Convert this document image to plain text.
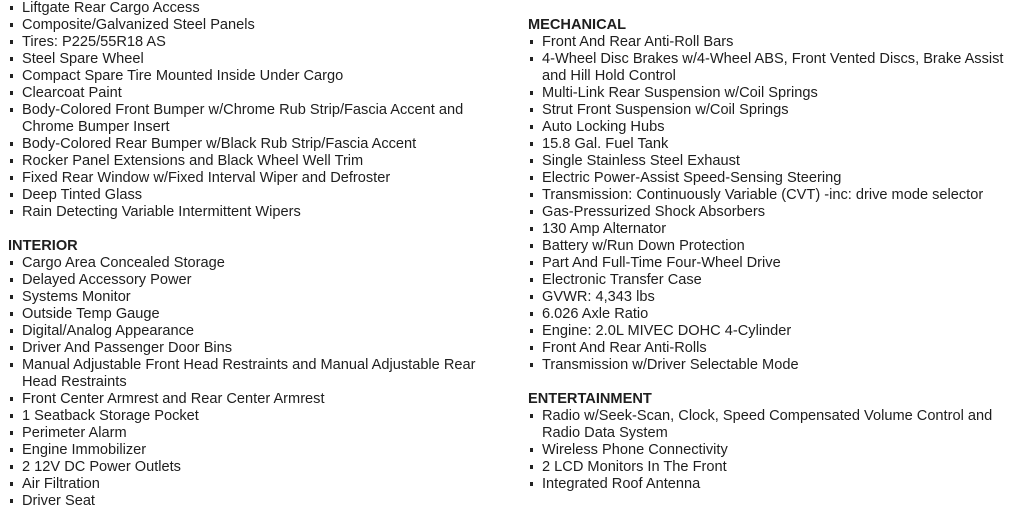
Liftgate Rear Cargo Access
Composite/Galvanized Steel Panels
Tires: P225/55R18 AS
Steel Spare Wheel
Compact Spare Tire Mounted Inside Under Cargo
Clearcoat Paint
Body-Colored Front Bumper w/Chrome Rub Strip/Fascia Accent and Chrome Bumper Insert
Body-Colored Rear Bumper w/Black Rub Strip/Fascia Accent
Rocker Panel Extensions and Black Wheel Well Trim
Fixed Rear Window w/Fixed Interval Wiper and Defroster
Deep Tinted Glass
Rain Detecting Variable Intermittent Wipers
INTERIOR
Cargo Area Concealed Storage
Delayed Accessory Power
Systems Monitor
Outside Temp Gauge
Digital/Analog Appearance
Driver And Passenger Door Bins
Manual Adjustable Front Head Restraints and Manual Adjustable Rear Head Restraints
Front Center Armrest and Rear Center Armrest
1 Seatback Storage Pocket
Perimeter Alarm
Engine Immobilizer
2 12V DC Power Outlets
Air Filtration
Driver Seat
MECHANICAL
Front And Rear Anti-Roll Bars
4-Wheel Disc Brakes w/4-Wheel ABS, Front Vented Discs, Brake Assist and Hill Hold Control
Multi-Link Rear Suspension w/Coil Springs
Strut Front Suspension w/Coil Springs
Auto Locking Hubs
15.8 Gal. Fuel Tank
Single Stainless Steel Exhaust
Electric Power-Assist Speed-Sensing Steering
Transmission: Continuously Variable (CVT) -inc: drive mode selector
Gas-Pressurized Shock Absorbers
130 Amp Alternator
Battery w/Run Down Protection
Part And Full-Time Four-Wheel Drive
Electronic Transfer Case
GVWR: 4,343 lbs
6.026 Axle Ratio
Engine: 2.0L MIVEC DOHC 4-Cylinder
Front And Rear Anti-Rolls
Transmission w/Driver Selectable Mode
ENTERTAINMENT
Radio w/Seek-Scan, Clock, Speed Compensated Volume Control and Radio Data System
Wireless Phone Connectivity
2 LCD Monitors In The Front
Integrated Roof Antenna
